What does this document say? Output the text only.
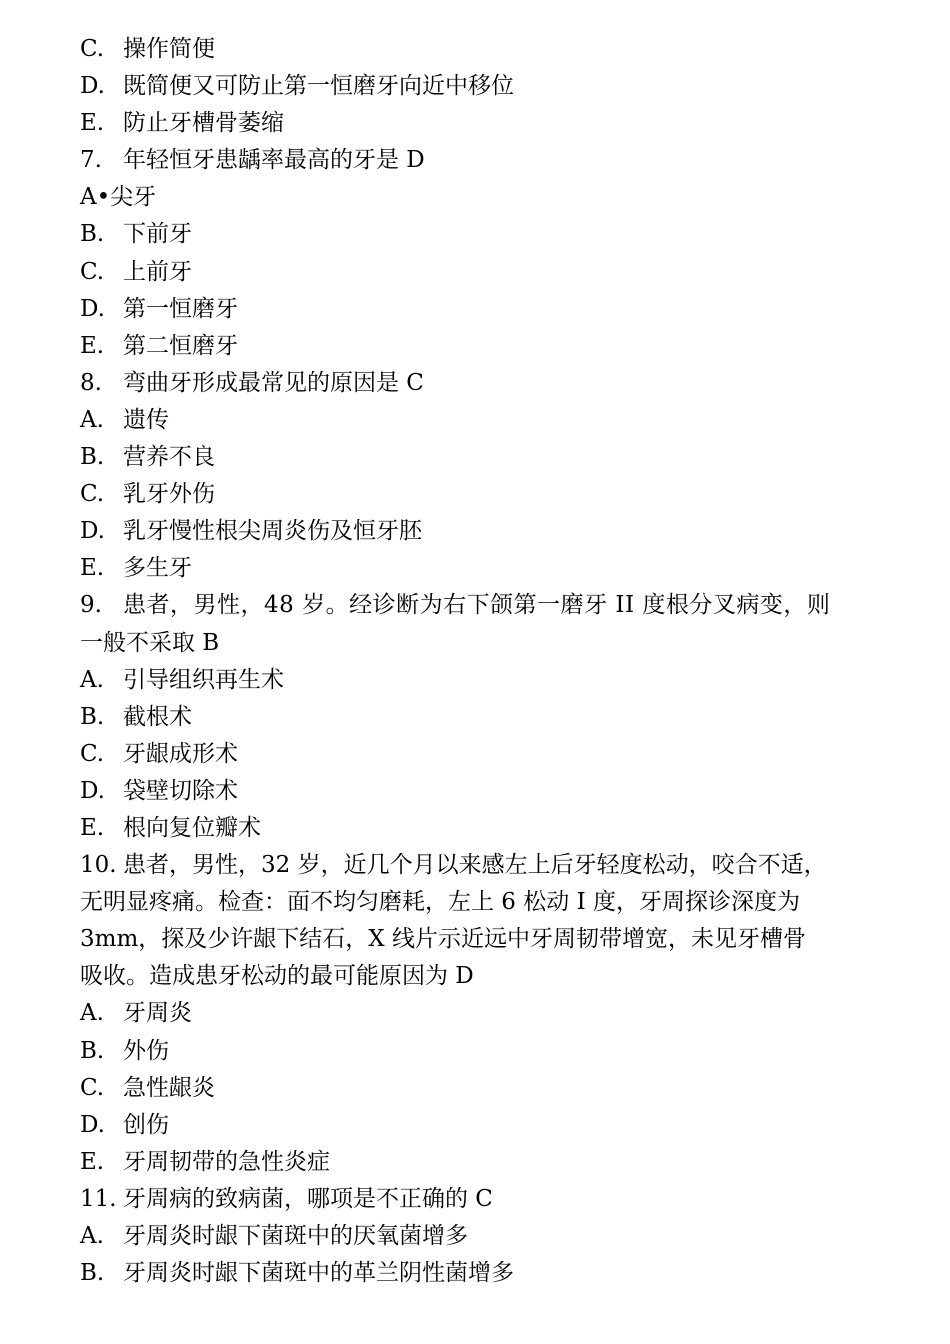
C. 操作简便
D. 既简便又可防止第一恒磨牙向近中移位
E. 防止牙槽骨萎缩
7. 年轻恒牙患龋率最高的牙是 D
A•尖牙
B. 下前牙
C. 上前牙
D. 第一恒磨牙
E. 第二恒磨牙
8. 弯曲牙形成最常见的原因是 C
A. 遗传
B. 营养不良
C. 乳牙外伤
D. 乳牙慢性根尖周炎伤及恒牙胚
E. 多生牙
9. 患者，男性，48 岁。经诊断为右下颌第一磨牙 II 度根分叉病变，则
一般不采取 B
A. 引导组织再生术
B. 截根术
C. 牙龈成形术
D. 袋壁切除术
E. 根向复位瓣术
10. 患者，男性，32 岁，近几个月以来感左上后牙轻度松动，咬合不适，
无明显疼痛。检查：面不均匀磨耗，左上 6 松动 I 度，牙周探诊深度为
3mm，探及少许龈下结石，X 线片示近远中牙周韧带增宽，未见牙槽骨
吸收。造成患牙松动的最可能原因为 D
A. 牙周炎
B. 外伤
C. 急性龈炎
D. 创伤
E. 牙周韧带的急性炎症
11. 牙周病的致病菌，哪项是不正确的 C
A. 牙周炎时龈下菌斑中的厌氧菌增多
B. 牙周炎时龈下菌斑中的革兰阴性菌增多
